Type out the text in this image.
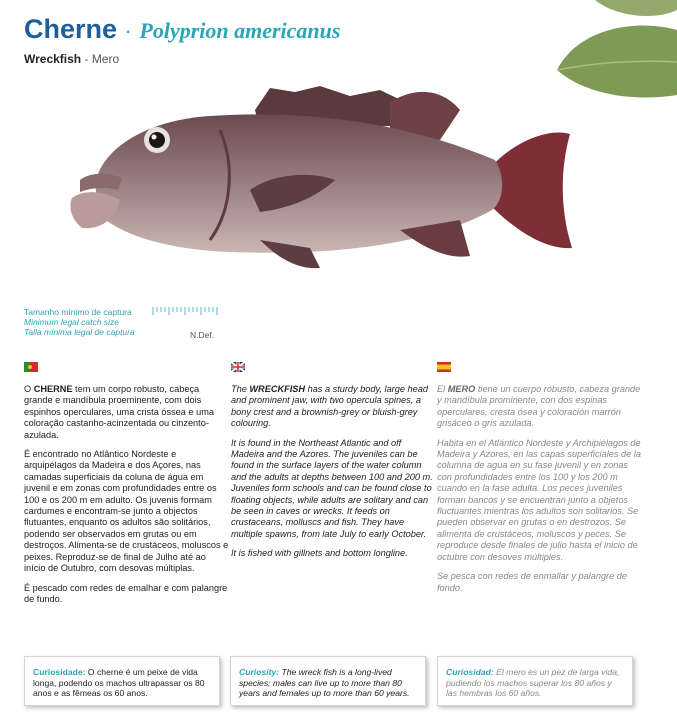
Cherne · Polyprion americanus
Wreckfish - Mero
Tamanho mínimo de captura
Minimum legal catch size
Talla mínima legal de captura	N.Def.

O CHERNE tem um corpo robusto, cabeça grande e mandíbula proeminente, com dois espinhos operculares, uma crista óssea e uma coloração castanho-acinzentada ou cinzento-azulada.

É encontrado no Atlântico Nordeste e arquipélagos da Madeira e dos Açores, nas camadas superficiais da coluna de água em juvenil e em zonas com profundidades entre os 100 e os 200 m em adulto. Os juvenis formam cardumes e encontram-se junto a objectos flutuantes, enquanto os adultos são solitários, podendo ser observados em grutas ou em destroços. Alimenta-se de crustáceos, moluscos e peixes. Reproduz-se de final de Julho até ao início de Outubro, com desovas múltiplas.

É pescado com redes de emalhar e com palangre de fundo.

The WRECKFISH has a sturdy body, large head and prominent jaw, with two opercula spines, a bony crest and a brownish-grey or bluish-grey colouring.

It is found in the Northeast Atlantic and off Madeira and the Azores. The juveniles can be found in the surface layers of the water column and the adults at depths between 100 and 200 m. Juveniles form schools and can be found close to floating objects, while adults are solitary and can be seen in caves or wrecks. It feeds on crustaceans, molluscs and fish. They have multiple spawns, from late July to early October.

It is fished with gillnets and bottom longline.

El MERO tiene un cuerpo robusto, cabeza grande y mandíbula prominente, con dos espinas operculares, cresta ósea y coloración marrón grisáceo o gris azulada.

Habita en el Atlántico Nordeste y Archipiélagos de Madeira y Azores, en las capas superficiales de la columna de agua en su fase juvenil y en zonas con profundidades entre los 100 y los 200 m cuando en la fase adulta. Los peces juveniles forman bancos y se encuentran junto a objetos fluctuantes mientras los adultos son solitarios. Se pueden observar en grutas o en destrozos. Se alimenta de crustáceos, moluscos y peces. Se reproduce desde finales de julio hasta el inicio de octubre con desoves múltiples.

Se pesca con redes de enmallar y palangre de fondo.

Curiosidade: O cherne é um peixe de vida longa, podendo os machos ultrapassar os 80 anos e as fêmeas os 60 anos.
Curiosity: The wreck fish is a long-lived species; males can live up to more than 80 years and females up to more than 60 years.
Curiosidad: El mero es un pez de larga vida, pudiendo los machos superar los 80 años y las hembras los 60 años.
